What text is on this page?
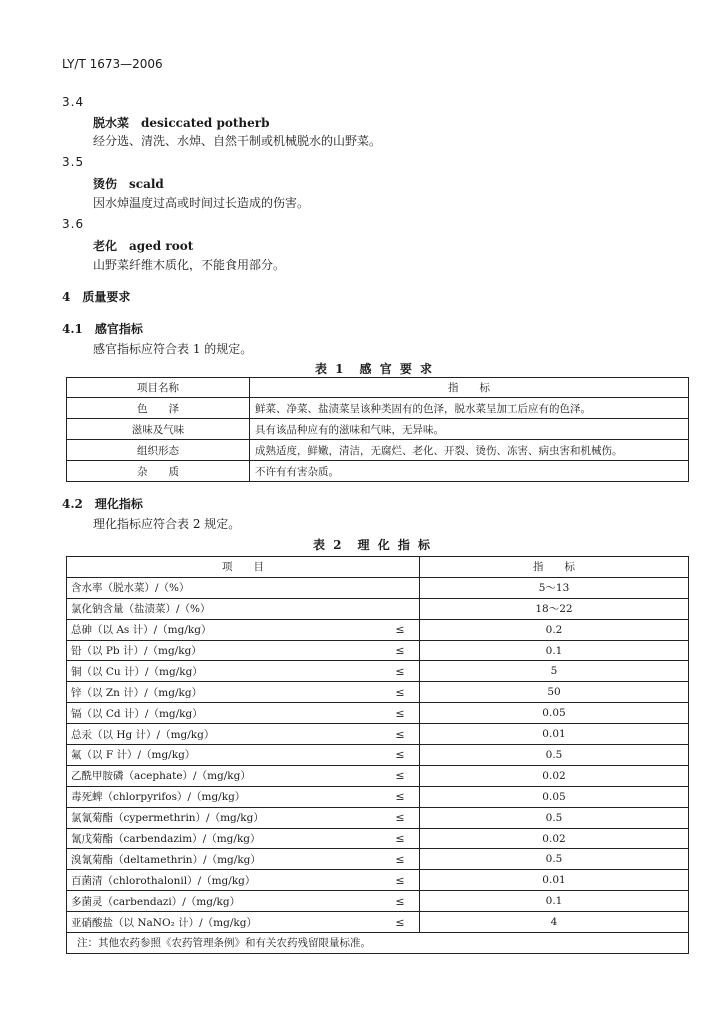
LY/T 1673—2006
3.4
脱水菜　desiccated potherb
经分选、清洗、水焯、自然干制或机械脱水的山野菜。
3.5
烫伤　scald
因水焯温度过高或时间过长造成的伤害。
3.6
老化　aged root
山野菜纤维木质化，不能食用部分。
4　质量要求
4.1　感官指标
感官指标应符合表 1 的规定。
表 1　感 官 要 求
项目名称	指　　标
色　　泽	鲜菜、净菜、盐渍菜呈该种类固有的色泽，脱水菜呈加工后应有的色泽。
滋味及气味	具有该品种应有的滋味和气味，无异味。
组织形态	成熟适度，鲜嫩，清洁，无腐烂、老化、开裂、烫伤、冻害、病虫害和机械伤。
杂　　质	不许有有害杂质。
4.2　理化指标
理化指标应符合表 2 规定。
表 2　理 化 指 标
项　　目		指　　标
含水率（脱水菜）/（%）		5～13
氯化钠含量（盐渍菜）/（%）		18～22
总砷（以 As 计）/（mg/kg）	≤	0.2
铅（以 Pb 计）/（mg/kg）	≤	0.1
铜（以 Cu 计）/（mg/kg）	≤	5
锌（以 Zn 计）/（mg/kg）	≤	50
镉（以 Cd 计）/（mg/kg）	≤	0.05
总汞（以 Hg 计）/（mg/kg）	≤	0.01
氟（以 F 计）/（mg/kg）	≤	0.5
乙酰甲胺磷（acephate）/（mg/kg）	≤	0.02
毒死蜱（chlorpyrifos）/（mg/kg）	≤	0.05
氯氰菊酯（cypermethrin）/（mg/kg）	≤	0.5
氰戊菊酯（carbendazim）/（mg/kg）	≤	0.02
溴氰菊酯（deltamethrin）/（mg/kg）	≤	0.5
百菌清（chlorothalonil）/（mg/kg）	≤	0.01
多菌灵（carbendazi）/（mg/kg）	≤	0.1
亚硝酸盐（以 NaNO₂ 计）/（mg/kg）	≤	4
注：其他农药参照《农药管理条例》和有关农药残留限量标准。		
